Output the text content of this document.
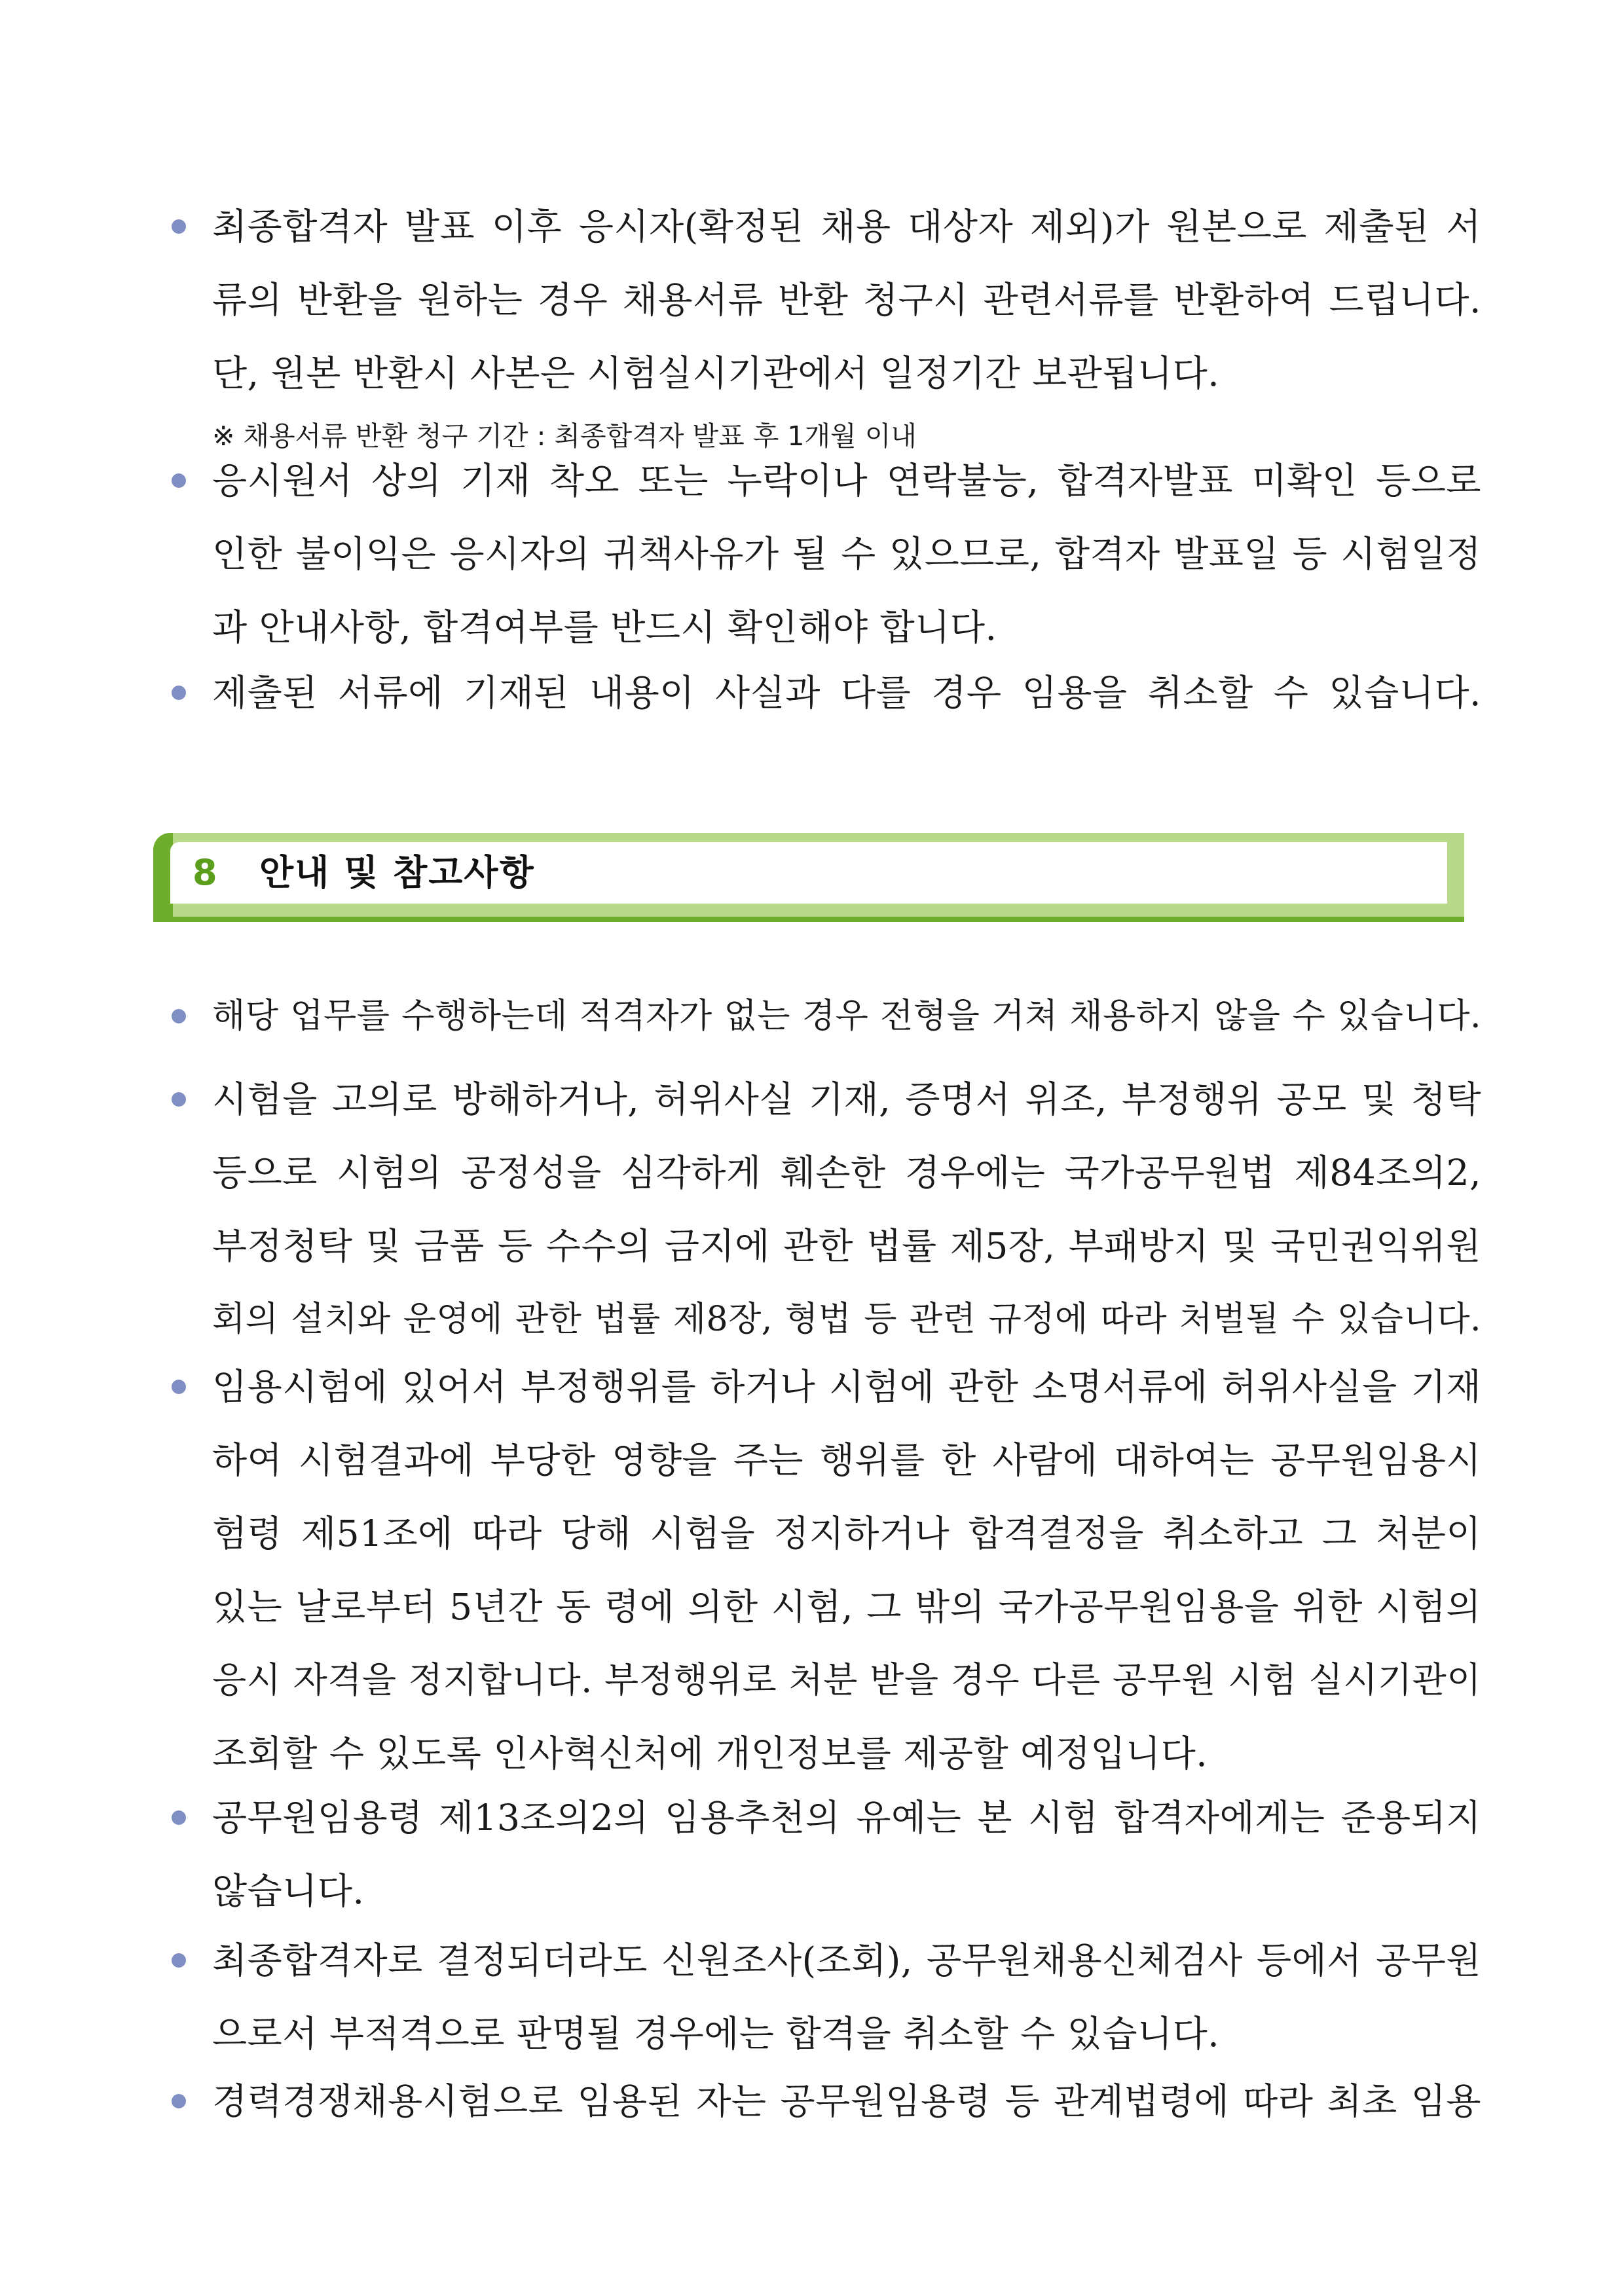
최종합격자 발표 이후 응시자(확정된 채용 대상자 제외)가 원본으로 제출된 서
류의 반환을 원하는 경우 채용서류 반환 청구시 관련서류를 반환하여 드립니다.
단, 원본 반환시 사본은 시험실시기관에서 일정기간 보관됩니다.
※ 채용서류 반환 청구 기간 : 최종합격자 발표 후 1개월 이내
응시원서 상의 기재 착오 또는 누락이나 연락불능, 합격자발표 미확인 등으로
인한 불이익은 응시자의 귀책사유가 될 수 있으므로, 합격자 발표일 등 시험일정
과 안내사항, 합격여부를 반드시 확인해야 합니다.
제출된 서류에 기재된 내용이 사실과 다를 경우 임용을 취소할 수 있습니다.
8 안내 및 참고사항
해당 업무를 수행하는데 적격자가 없는 경우 전형을 거쳐 채용하지 않을 수 있습니다.
시험을 고의로 방해하거나, 허위사실 기재, 증명서 위조, 부정행위 공모 및 청탁
등으로 시험의 공정성을 심각하게 훼손한 경우에는 국가공무원법 제84조의2,
부정청탁 및 금품 등 수수의 금지에 관한 법률 제5장, 부패방지 및 국민권익위원
회의 설치와 운영에 관한 법률 제8장, 형법 등 관련 규정에 따라 처벌될 수 있습니다.
임용시험에 있어서 부정행위를 하거나 시험에 관한 소명서류에 허위사실을 기재
하여 시험결과에 부당한 영향을 주는 행위를 한 사람에 대하여는 공무원임용시
험령 제51조에 따라 당해 시험을 정지하거나 합격결정을 취소하고 그 처분이
있는 날로부터 5년간 동 령에 의한 시험, 그 밖의 국가공무원임용을 위한 시험의
응시 자격을 정지합니다. 부정행위로 처분 받을 경우 다른 공무원 시험 실시기관이
조회할 수 있도록 인사혁신처에 개인정보를 제공할 예정입니다.
공무원임용령 제13조의2의 임용추천의 유예는 본 시험 합격자에게는 준용되지
않습니다.
최종합격자로 결정되더라도 신원조사(조회), 공무원채용신체검사 등에서 공무원
으로서 부적격으로 판명될 경우에는 합격을 취소할 수 있습니다.
경력경쟁채용시험으로 임용된 자는 공무원임용령 등 관계법령에 따라 최초 임용
